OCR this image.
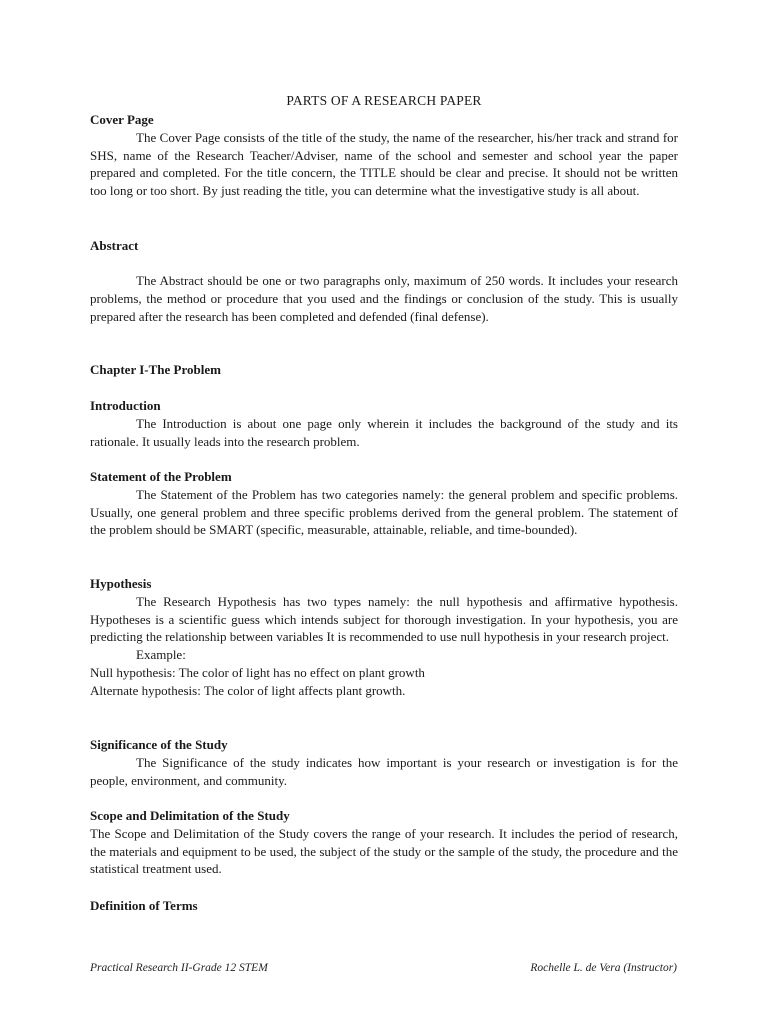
PARTS OF A RESEARCH PAPER
Cover Page
The Cover Page consists of the title of the study, the name of the researcher, his/her track and strand for SHS, name of the Research Teacher/Adviser, name of the school and semester and school year the paper prepared and completed. For the title concern, the TITLE should be clear and precise. It should not be written too long or too short. By just reading the title, you can determine what the investigative study is all about.
Abstract
The Abstract should be one or two paragraphs only, maximum of 250 words. It includes your research problems, the method or procedure that you used and the findings or conclusion of the study. This is usually prepared after the research has been completed and defended (final defense).
Chapter I-The Problem
Introduction
The Introduction is about one page only wherein it includes the background of the study and its rationale. It usually leads into the research problem.
Statement of the Problem
The Statement of the Problem has two categories namely: the general problem and specific problems. Usually, one general problem and three specific problems derived from the general problem. The statement of the problem should be SMART (specific, measurable, attainable, reliable, and time-bounded).
Hypothesis
The Research Hypothesis has two types namely: the null hypothesis and affirmative hypothesis. Hypotheses is a scientific guess which intends subject for thorough investigation. In your hypothesis, you are predicting the relationship between variables It is recommended to use null hypothesis in your research project.
Example:
Null hypothesis: The color of light has no effect on plant growth
Alternate hypothesis: The color of light affects plant growth.
Significance of the Study
The Significance of the study indicates how important is your research or investigation is for the people, environment, and community.
Scope and Delimitation of the Study
The Scope and Delimitation of the Study covers the range of your research. It includes the period of research, the materials and equipment to be used, the subject of the study or the sample of the study, the procedure and the statistical treatment used.
Definition of Terms
Practical Research II-Grade 12 STEM	Rochelle L. de Vera (Instructor)
